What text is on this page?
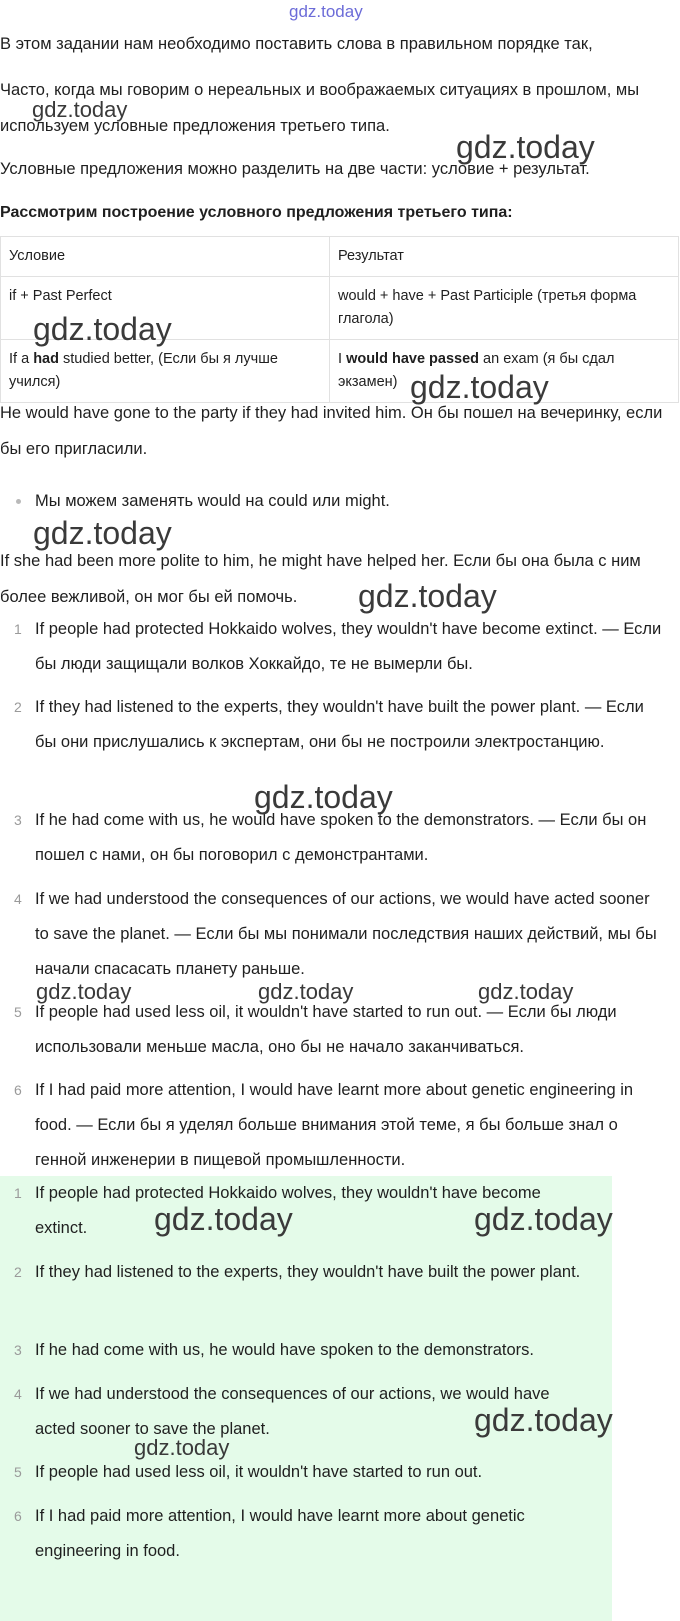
gdz.today

В этом задании нам необходимо поставить слова в правильном порядке так,

Часто, когда мы говорим о нереальных и воображаемых ситуациях в прошлом, мы используем условные предложения третьего типа.

Условные предложения можно разделить на две части: условие + результат.

Рассмотрим построение условного предложения третьего типа:
Условие	Результат
if + Past Perfect	would + have + Past Participle (третья форма глагола)
If a had studied better, (Если бы я лучше учился)	I would have passed an exam (я бы сдал экзамен)

He would have gone to the party if they had invited him. Он бы пошел на вечеринку, если бы его пригласили.

Мы можем заменять would на could или might.

If she had been more polite to him, he might have helped her. Если бы она была с ним более вежливой, он мог бы ей помочь.

1 If people had protected Hokkaido wolves, they wouldn't have become extinct. — Если бы люди защищали волков Хоккайдо, те не вымерли бы.
2 If they had listened to the experts, they wouldn't have built the power plant. — Если бы они прислушались к экспертам, они бы не построили электростанцию.
3 If he had come with us, he would have spoken to the demonstrators. — Если бы он пошел с нами, он бы поговорил с демонстрантами.
4 If we had understood the consequences of our actions, we would have acted sooner to save the planet. — Если бы мы понимали последствия наших действий, мы бы начали спасасать планету раньше.
5 If people had used less oil, it wouldn't have started to run out. — Если бы люди использовали меньше масла, оно бы не начало заканчиваться.
6 If I had paid more attention, I would have learnt more about genetic engineering in food. — Если бы я уделял больше внимания этой теме, я бы больше знал о генной инженерии в пищевой промышленности.
1 If people had protected Hokkaido wolves, they wouldn't have become extinct.
2 If they had listened to the experts, they wouldn't have built the power plant.
3 If he had come with us, he would have spoken to the demonstrators.
4 If we had understood the consequences of our actions, we would have acted sooner to save the planet.
5 If people had used less oil, it wouldn't have started to run out.
6 If I had paid more attention, I would have learnt more about genetic engineering in food.
gdz.today
gdz.today
gdz.today
gdz.today
gdz.today
gdz.today
gdz.today
gdz.today	gdz.today	gdz.today
gdz.today	gdz.today
gdz.today
gdz.today
